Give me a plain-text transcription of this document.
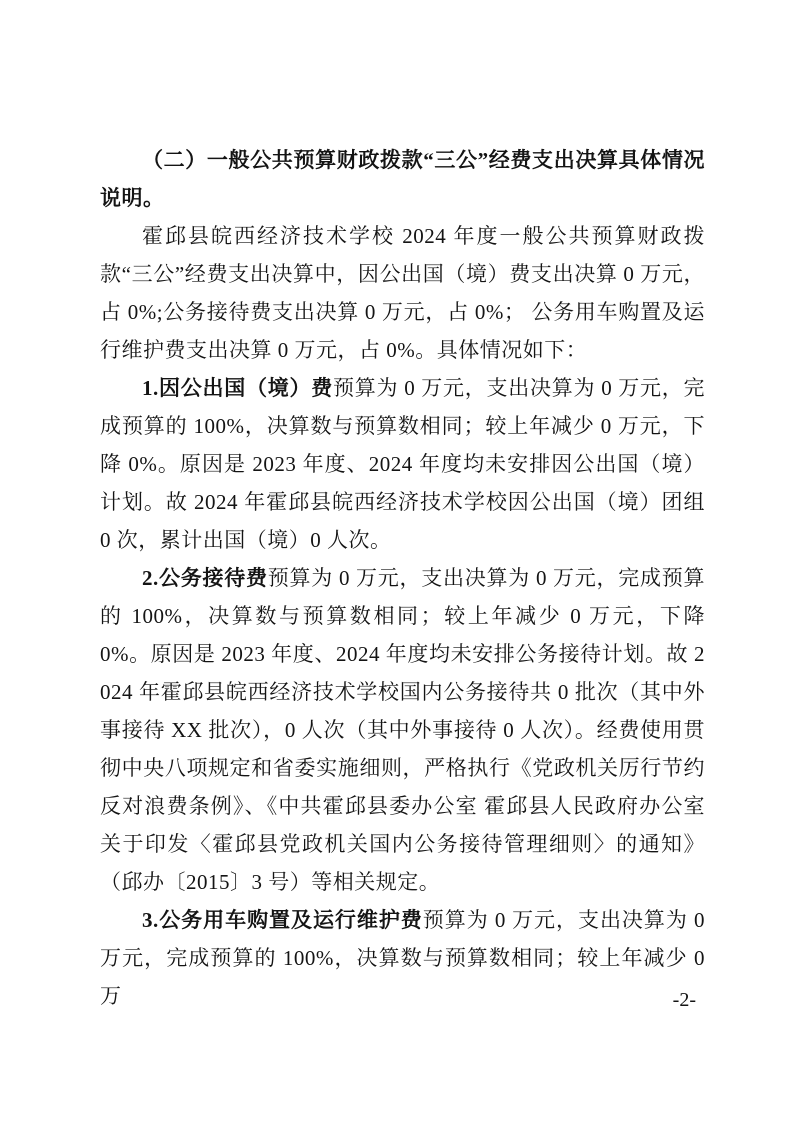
（二）一般公共预算财政拨款“三公”经费支出决算具体情况说明。

霍邱县皖西经济技术学校 2024 年度一般公共预算财政拨款“三公”经费支出决算中，因公出国（境）费支出决算 0 万元，占 0%;公务接待费支出决算 0 万元，占 0%； 公务用车购置及运行维护费支出决算 0 万元，占 0%。具体情况如下：

1.因公出国（境）费预算为 0 万元，支出决算为 0 万元，完成预算的 100%，决算数与预算数相同；较上年减少 0 万元，下降 0%。原因是 2023 年度、2024 年度均未安排因公出国（境）计划。故 2024 年霍邱县皖西经济技术学校因公出国（境）团组 0 次，累计出国（境）0 人次。

2.公务接待费预算为 0 万元，支出决算为 0 万元，完成预算的 100%，决算数与预算数相同；较上年减少 0 万元，下降 0%。原因是 2023 年度、2024 年度均未安排公务接待计划。故 2024 年霍邱县皖西经济技术学校国内公务接待共 0 批次（其中外事接待 XX 批次），0 人次（其中外事接待 0 人次）。经费使用贯彻中央八项规定和省委实施细则，严格执行《党政机关厉行节约反对浪费条例》、《中共霍邱县委办公室 霍邱县人民政府办公室关于印发〈霍邱县党政机关国内公务接待管理细则〉的通知》（邱办〔2015〕3 号）等相关规定。

3.公务用车购置及运行维护费预算为 0 万元，支出决算为 0 万元，完成预算的 100%，决算数与预算数相同；较上年减少 0 万	-2-
